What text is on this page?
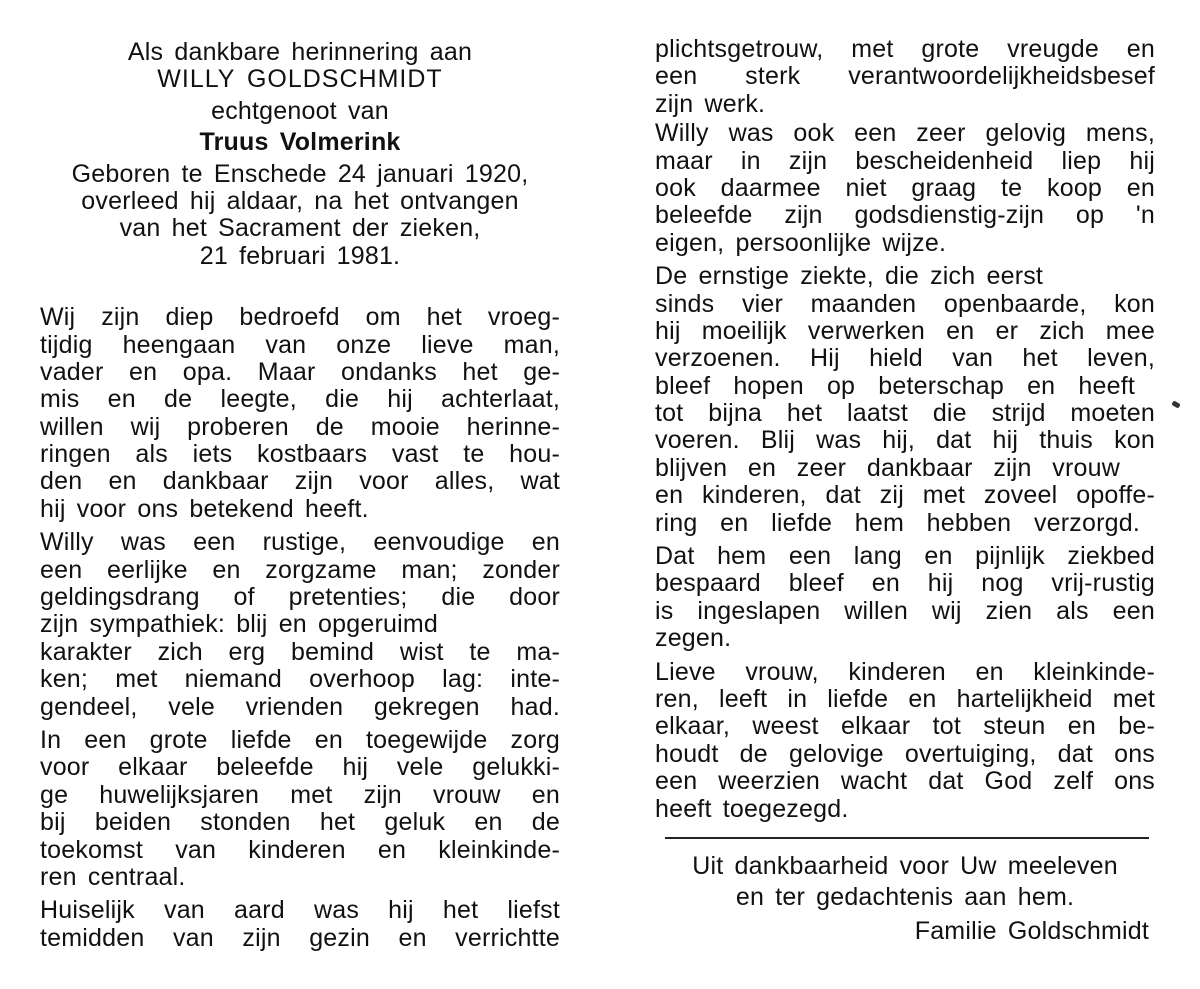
Als dankbare herinnering aan
WILLY GOLDSCHMIDT
echtgenoot van
Truus Volmerink
Geboren te Enschede 24 januari 1920,
overleed hij aldaar, na het ontvangen
van het Sacrament der zieken,
21 februari 1981.
Wij zijn diep bedroefd om het vroeg-
tijdig heengaan van onze lieve man,
vader en opa. Maar ondanks het ge-
mis en de leegte, die hij achterlaat,
willen wij proberen de mooie herinne-
ringen als iets kostbaars vast te hou-
den en dankbaar zijn voor alles, wat
hij voor ons betekend heeft.
Willy was een rustige, eenvoudige en
een eerlijke en zorgzame man; zonder
geldingsdrang of pretenties; die door
zijn sympathiek: blij en opgeruimd
karakter zich erg bemind wist te ma-
ken; met niemand overhoop lag: inte-
gendeel, vele vrienden gekregen had.
In een grote liefde en toegewijde zorg
voor elkaar beleefde hij vele gelukki-
ge huwelijksjaren met zijn vrouw en
bij beiden stonden het geluk en de
toekomst van kinderen en kleinkinde-
ren centraal.
Huiselijk van aard was hij het liefst
temidden van zijn gezin en verrichtte
plichtsgetrouw, met grote vreugde en
een sterk verantwoordelijkheidsbesef
zijn werk.
Willy was ook een zeer gelovig mens,
maar in zijn bescheidenheid liep hij
ook daarmee niet graag te koop en
beleefde zijn godsdienstig-zijn op 'n
eigen, persoonlijke wijze.
De ernstige ziekte, die zich eerst
sinds vier maanden openbaarde, kon
hij moeilijk verwerken en er zich mee
verzoenen. Hij hield van het leven,
bleef hopen op beterschap en heeft
tot bijna het laatst die strijd moeten
voeren. Blij was hij, dat hij thuis kon
blijven en zeer dankbaar zijn vrouw
en kinderen, dat zij met zoveel opoffe-
ring en liefde hem hebben verzorgd.
Dat hem een lang en pijnlijk ziekbed
bespaard bleef en hij nog vrij-rustig
is ingeslapen willen wij zien als een
zegen.
Lieve vrouw, kinderen en kleinkinde-
ren, leeft in liefde en hartelijkheid met
elkaar, weest elkaar tot steun en be-
houdt de gelovige overtuiging, dat ons
een weerzien wacht dat God zelf ons
heeft toegezegd.
Uit dankbaarheid voor Uw meeleven
en ter gedachtenis aan hem.
Familie Goldschmidt
